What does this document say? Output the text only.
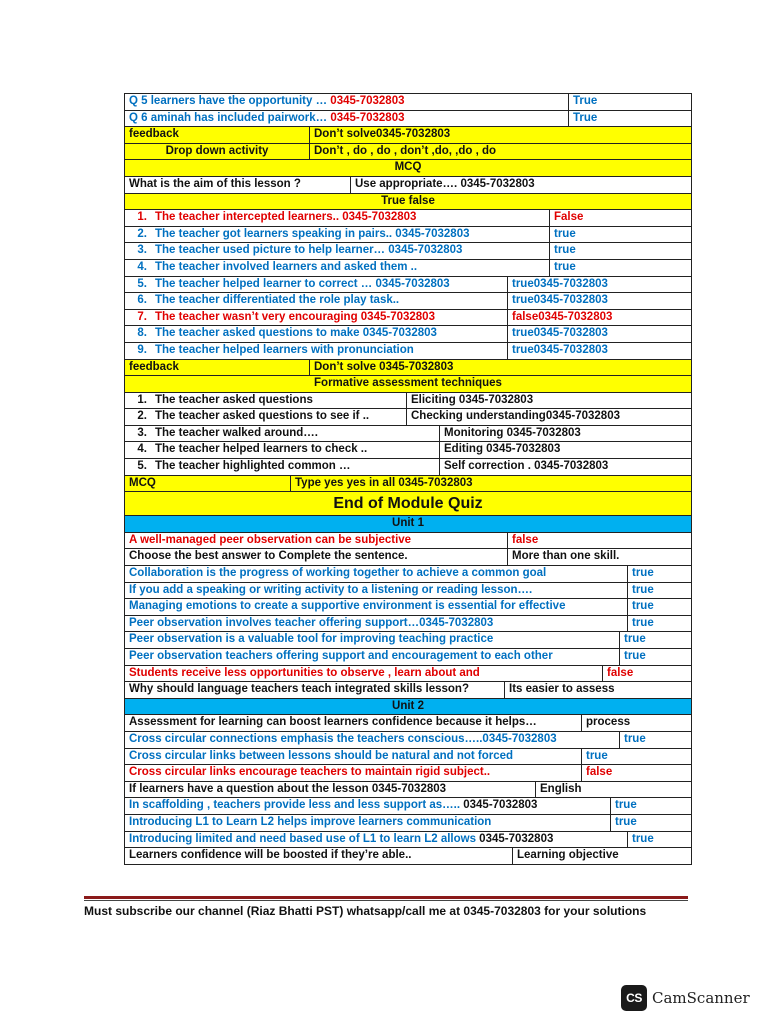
Q 5 learners have the opportunity … 0345-7032803	True
Q 6 aminah has included pairwork… 0345-7032803	True
feedback	Don’t solve0345-7032803
Drop down activity	Don’t , do , do , don’t ,do, ,do , do
MCQ
What is the aim of this lesson ?	Use appropriate…. 0345-7032803
True false
1. The teacher intercepted learners.. 0345-7032803	False
2. The teacher got learners speaking in pairs.. 0345-7032803	true
3. The teacher used picture to help learner… 0345-7032803	true
4. The teacher involved learners and asked them ..	true
5. The teacher helped learner to correct … 0345-7032803	true0345-7032803
6. The teacher differentiated the role play task..	true0345-7032803
7. The teacher wasn’t very encouraging 0345-7032803	false0345-7032803
8. The teacher asked questions to make 0345-7032803	true0345-7032803
9. The teacher helped learners with pronunciation	true0345-7032803
feedback	Don’t solve 0345-7032803
Formative assessment techniques
1. The teacher asked questions	Eliciting 0345-7032803
2. The teacher asked questions to see if ..	Checking understanding0345-7032803
3. The teacher walked around….	Monitoring 0345-7032803
4. The teacher helped learners to check ..	Editing 0345-7032803
5. The teacher highlighted common …	Self correction . 0345-7032803
MCQ	Type yes yes in all 0345-7032803
End of Module Quiz
Unit 1
A well-managed peer observation can be subjective	false
Choose the best answer to Complete the sentence.	More than one skill.
Collaboration is the progress of working together to achieve a common goal	true
If you add a speaking or writing activity to a listening or reading lesson….	true
Managing emotions to create a supportive environment is essential for effective	true
Peer observation involves teacher offering support…0345-7032803	true
Peer observation is a valuable tool for improving teaching practice	true
Peer observation teachers offering support and encouragement to each other	true
Students receive less opportunities to observe , learn about and	false
Why should language teachers teach integrated skills lesson?	Its easier to assess
Unit 2
Assessment for learning can boost learners confidence because it helps…	process
Cross circular connections emphasis the teachers conscious…..0345-7032803	true
Cross circular links between lessons should be natural and not forced	true
Cross circular links encourage teachers to maintain rigid subject..	false
If learners have a question about the lesson 0345-7032803	English
In scaffolding , teachers provide less and less support as….. 0345-7032803	true
Introducing L1 to Learn L2 helps improve learners communication	true
Introducing limited and need based use of L1 to learn L2 allows 0345-7032803	true
Learners confidence will be boosted if they’re able..	Learning objective
Must subscribe our channel (Riaz Bhatti PST) whatsapp/call me at 0345-7032803 for your solutions
CS CamScanner
